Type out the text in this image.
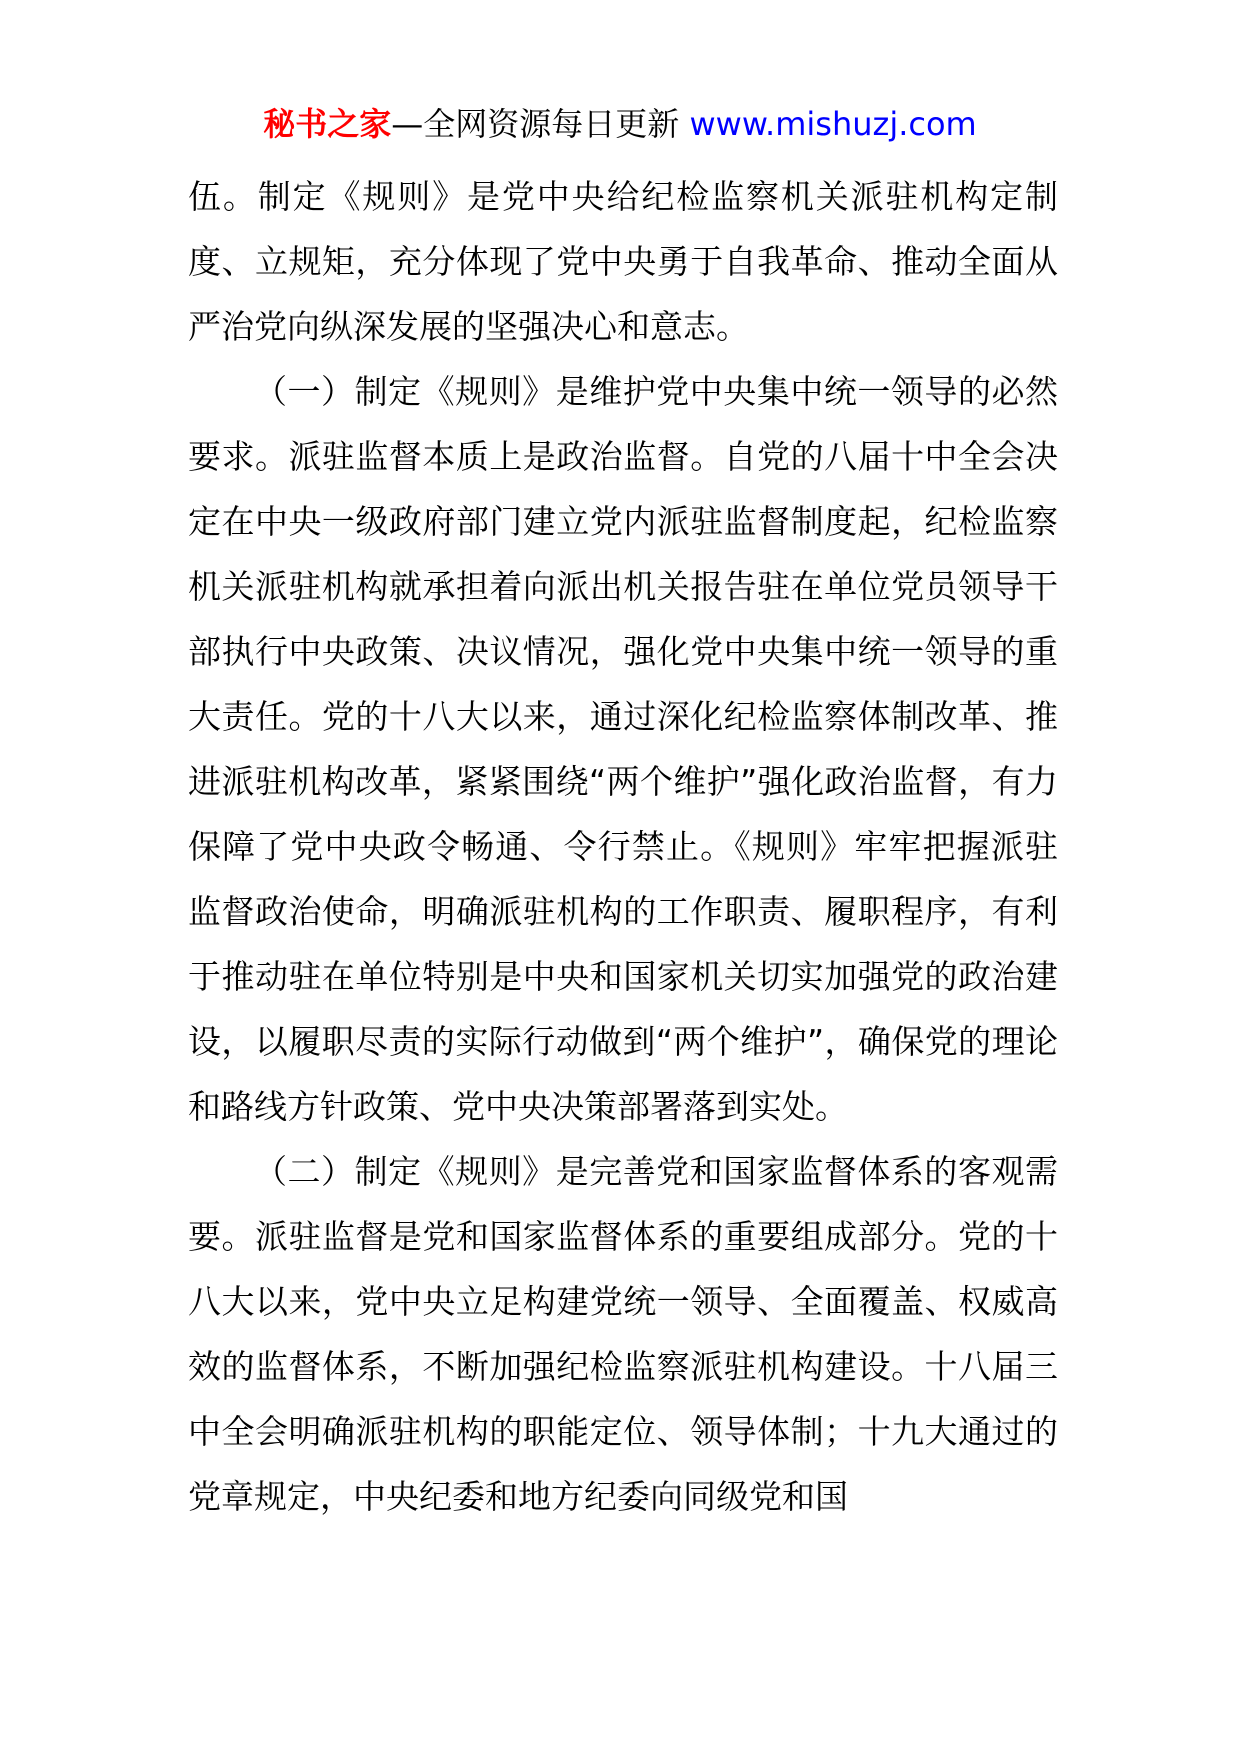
秘书之家—全网资源每日更新 www.mishuzj.com

伍。制定《规则》是党中央给纪检监察机关派驻机构定制度、立规矩，充分体现了党中央勇于自我革命、推动全面从严治党向纵深发展的坚强决心和意志。

（一）制定《规则》是维护党中央集中统一领导的必然要求。派驻监督本质上是政治监督。自党的八届十中全会决定在中央一级政府部门建立党内派驻监督制度起，纪检监察机关派驻机构就承担着向派出机关报告驻在单位党员领导干部执行中央政策、决议情况，强化党中央集中统一领导的重大责任。党的十八大以来，通过深化纪检监察体制改革、推进派驻机构改革，紧紧围绕“两个维护”强化政治监督，有力保障了党中央政令畅通、令行禁止。《规则》牢牢把握派驻监督政治使命，明确派驻机构的工作职责、履职程序，有利于推动驻在单位特别是中央和国家机关切实加强党的政治建设，以履职尽责的实际行动做到“两个维护”，确保党的理论和路线方针政策、党中央决策部署落到实处。

（二）制定《规则》是完善党和国家监督体系的客观需要。派驻监督是党和国家监督体系的重要组成部分。党的十八大以来，党中央立足构建党统一领导、全面覆盖、权威高效的监督体系，不断加强纪检监察派驻机构建设。十八届三中全会明确派驻机构的职能定位、领导体制；十九大通过的党章规定，中央纪委和地方纪委向同级党和国
